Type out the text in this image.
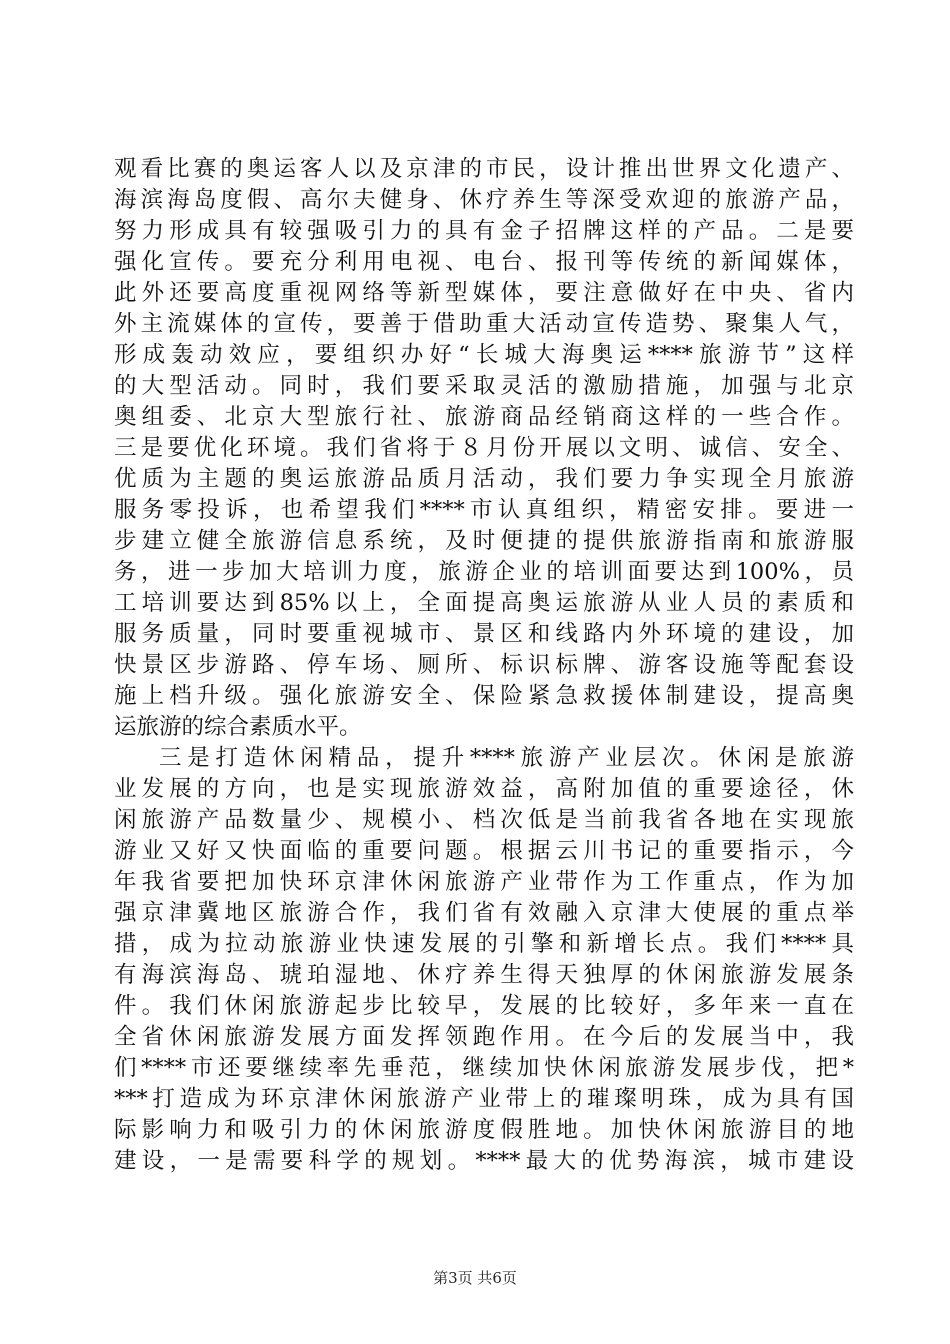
观看比赛的奥运客人以及京津的市民，设计推出世界文化遗产、
海滨海岛度假、高尔夫健身、休疗养生等深受欢迎的旅游产品，
努力形成具有较强吸引力的具有金子招牌这样的产品。二是要
强化宣传。要充分利用电视、电台、报刊等传统的新闻媒体，
此外还要高度重视网络等新型媒体，要注意做好在中央、省内
外主流媒体的宣传，要善于借助重大活动宣传造势、聚集人气，
形成轰动效应，要组织办好“长城大海奥运****旅游节”这样
的大型活动。同时，我们要采取灵活的激励措施，加强与北京
奥组委、北京大型旅行社、旅游商品经销商这样的一些合作。
三是要优化环境。我们省将于８月份开展以文明、诚信、安全、
优质为主题的奥运旅游品质月活动，我们要力争实现全月旅游
服务零投诉，也希望我们****市认真组织，精密安排。要进一
步建立健全旅游信息系统，及时便捷的提供旅游指南和旅游服
务，进一步加大培训力度，旅游企业的培训面要达到100%，员
工培训要达到85%以上，全面提高奥运旅游从业人员的素质和
服务质量，同时要重视城市、景区和线路内外环境的建设，加
快景区步游路、停车场、厕所、标识标牌、游客设施等配套设
施上档升级。强化旅游安全、保险紧急救援体制建设，提高奥
运旅游的综合素质水平。
三是打造休闲精品，提升****旅游产业层次。休闲是旅游
业发展的方向，也是实现旅游效益，高附加值的重要途径，休
闲旅游产品数量少、规模小、档次低是当前我省各地在实现旅
游业又好又快面临的重要问题。根据云川书记的重要指示，今
年我省要把加快环京津休闲旅游产业带作为工作重点，作为加
强京津冀地区旅游合作，我们省有效融入京津大使展的重点举
措，成为拉动旅游业快速发展的引擎和新增长点。我们****具
有海滨海岛、琥珀湿地、休疗养生得天独厚的休闲旅游发展条
件。我们休闲旅游起步比较早，发展的比较好，多年来一直在
全省休闲旅游发展方面发挥领跑作用。在今后的发展当中，我
们****市还要继续率先垂范，继续加快休闲旅游发展步伐，把*
***打造成为环京津休闲旅游产业带上的璀璨明珠，成为具有国
际影响力和吸引力的休闲旅游度假胜地。加快休闲旅游目的地
建设，一是需要科学的规划。****最大的优势海滨，城市建设
第3页 共6页
